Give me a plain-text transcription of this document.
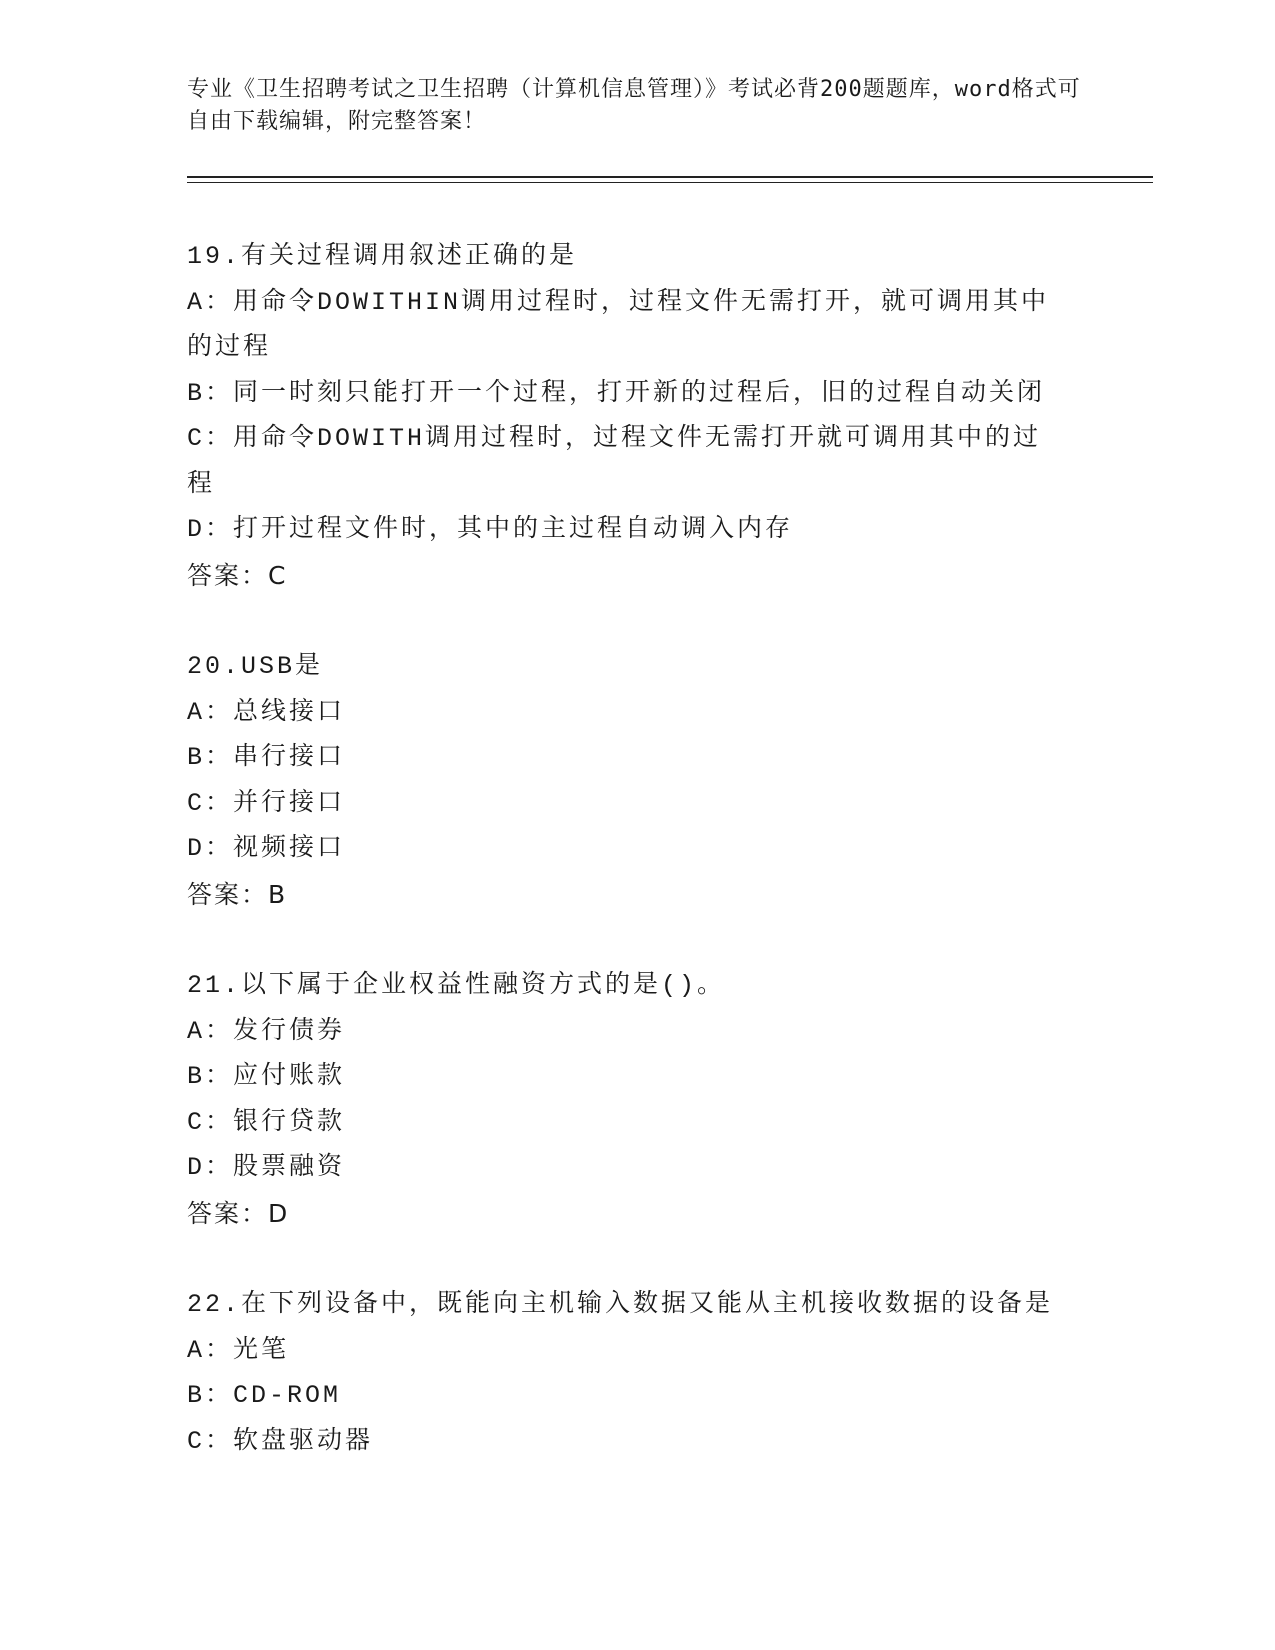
专业《卫生招聘考试之卫生招聘（计算机信息管理）》考试必背200题题库，word格式可自由下载编辑，附完整答案！

19.有关过程调用叙述正确的是

A：用命令DOWITHIN调用过程时，过程文件无需打开，就可调用其中的过程

B：同一时刻只能打开一个过程，打开新的过程后，旧的过程自动关闭

C：用命令DOWITH调用过程时，过程文件无需打开就可调用其中的过程

D：打开过程文件时，其中的主过程自动调入内存

答案：C

20.USB是

A：总线接口

B：串行接口

C：并行接口

D：视频接口

答案：B

21.以下属于企业权益性融资方式的是()。

A：发行债券

B：应付账款

C：银行贷款

D：股票融资

答案：D

22.在下列设备中，既能向主机输入数据又能从主机接收数据的设备是

A：光笔

B：CD-ROM

C：软盘驱动器
